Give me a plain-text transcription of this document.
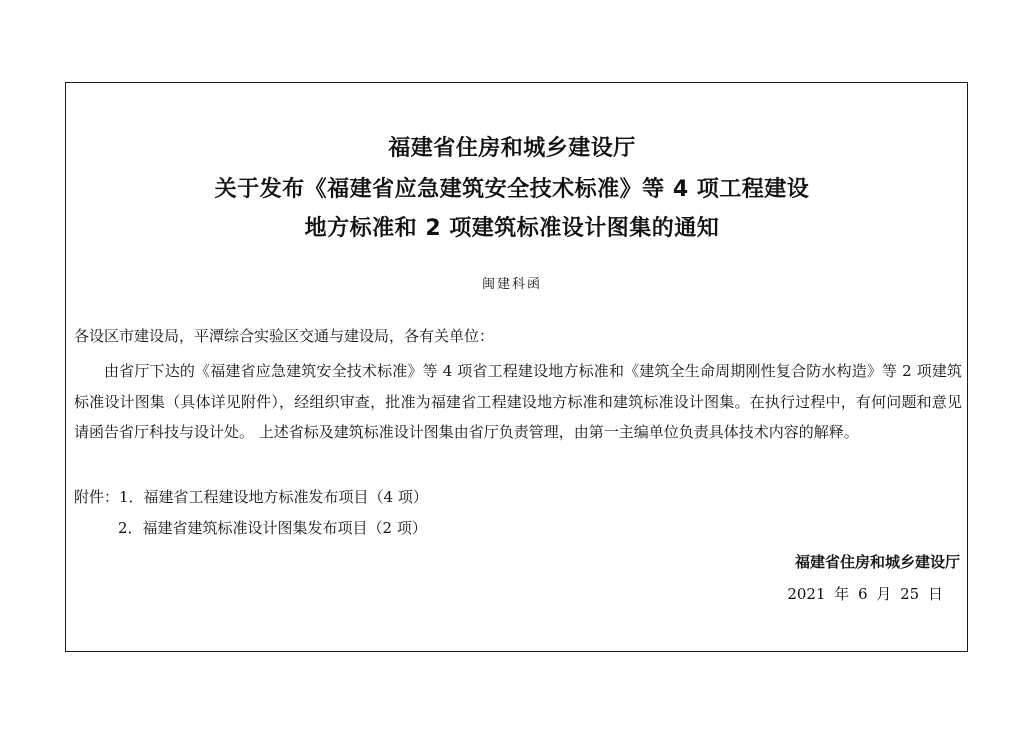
福建省住房和城乡建设厅
关于发布《福建省应急建筑安全技术标准》等 4 项工程建设
地方标准和 2 项建筑标准设计图集的通知
闽建科函
各设区市建设局，平潭综合实验区交通与建设局，各有关单位：
由省厅下达的《福建省应急建筑安全技术标准》等 4 项省工程建设地方标准和《建筑全生命周期刚性复合防水构造》等 2 项建筑标准设计图集（具体详见附件），经组织审查，批准为福建省工程建设地方标准和建筑标准设计图集。在执行过程中，有何问题和意见请函告省厅科技与设计处。 上述省标及建筑标准设计图集由省厅负责管理，由第一主编单位负责具体技术内容的解释。
附件：1．福建省工程建设地方标准发布项目（4 项）
2．福建省建筑标准设计图集发布项目（2 项）
福建省住房和城乡建设厅
2021 年 6 月 25 日
